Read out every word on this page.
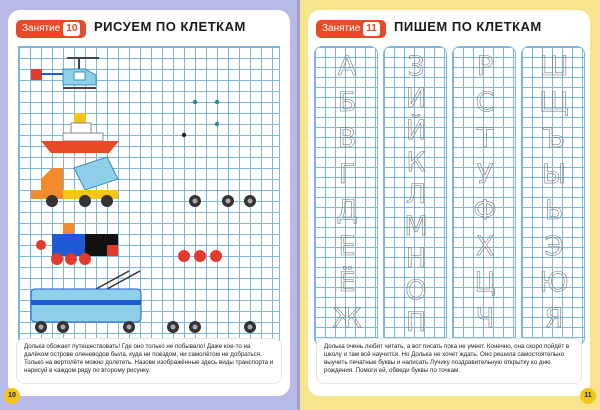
Занятие 10	РИСУЕМ ПО КЛЕТКАМ
Долька обожает путешествовать! Где оно только не побывало! Даже кое-то на далёком острове оленеводов была, куда ни поездом, ни самолётом не добраться. Только на вертолёте можно долететь. Назови изображённые здесь виды транспорта и нарисуй в каждом ряду по второму рисунку.
10
Занятие 11	ПИШЕМ ПО КЛЕТКАМ
А
Б
В
Г
Д
Е
Ё
Ж
З
И
Й
К
Л
М
Н
О
П
Р
С
Т
У
Ф
Х
Ц
Ч
Ш
Щ
Ъ
Ы
Ь
Э
Ю
Я
Долька очень любит читать, а вот писать пока не умеет. Конечно, она скоро пойдёт в школу и там всё научится. Но Долька не хочет ждать. Оно решила самостоятельно выучить печатные буквы и написать Лучику поздравительную открытку ко дню рождения. Помоги ей, обведи буквы по точкам.
11
